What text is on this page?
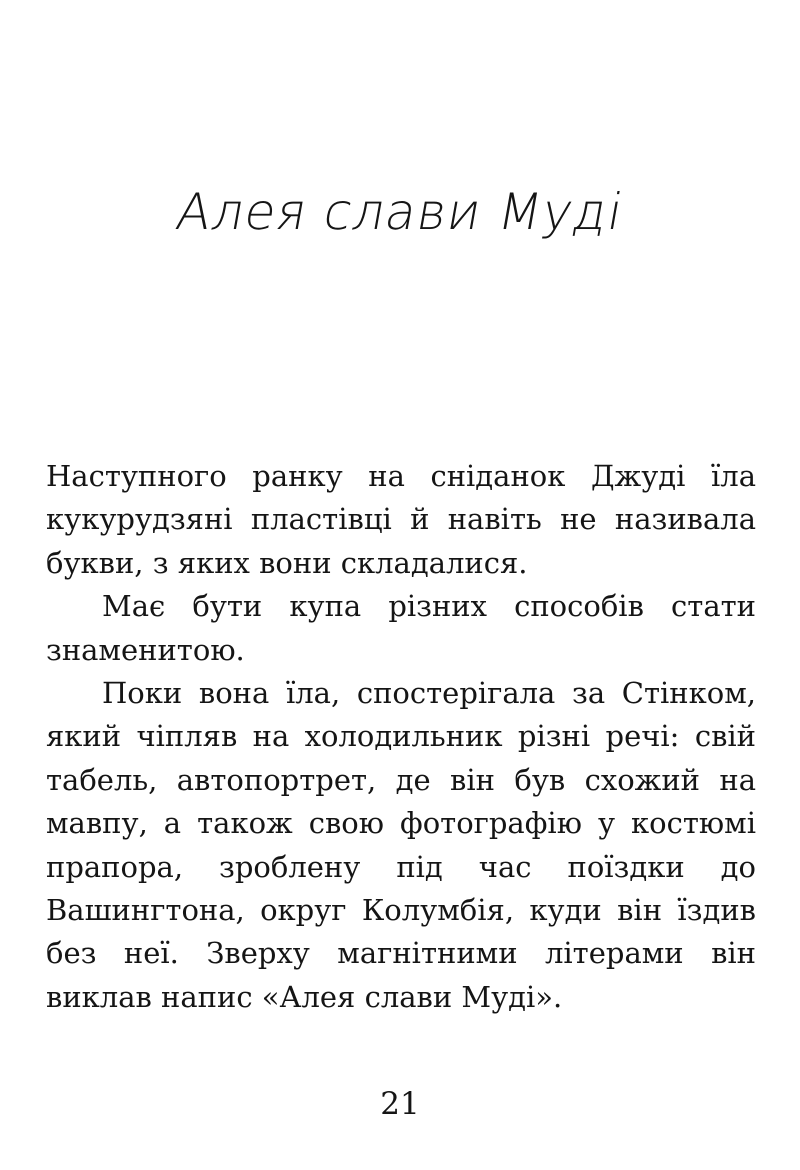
Алея слави Муді

Наступного ранку на сніданок Джуді їла кукурудзяні пластівці й навіть не називала букви, з яких вони складалися.

Має бути купа різних способів стати знаменитою.

Поки вона їла, спостерігала за Стінком, який чіпляв на холодильник різні речі: свій табель, автопортрет, де він був схожий на мавпу, а також свою фотографію у костюмі прапора, зроблену під час поїздки до Вашингтона, округ Колумбія, куди він їздив без неї. Зверху магнітними літерами він виклав напис «Алея слави Муді».

21
